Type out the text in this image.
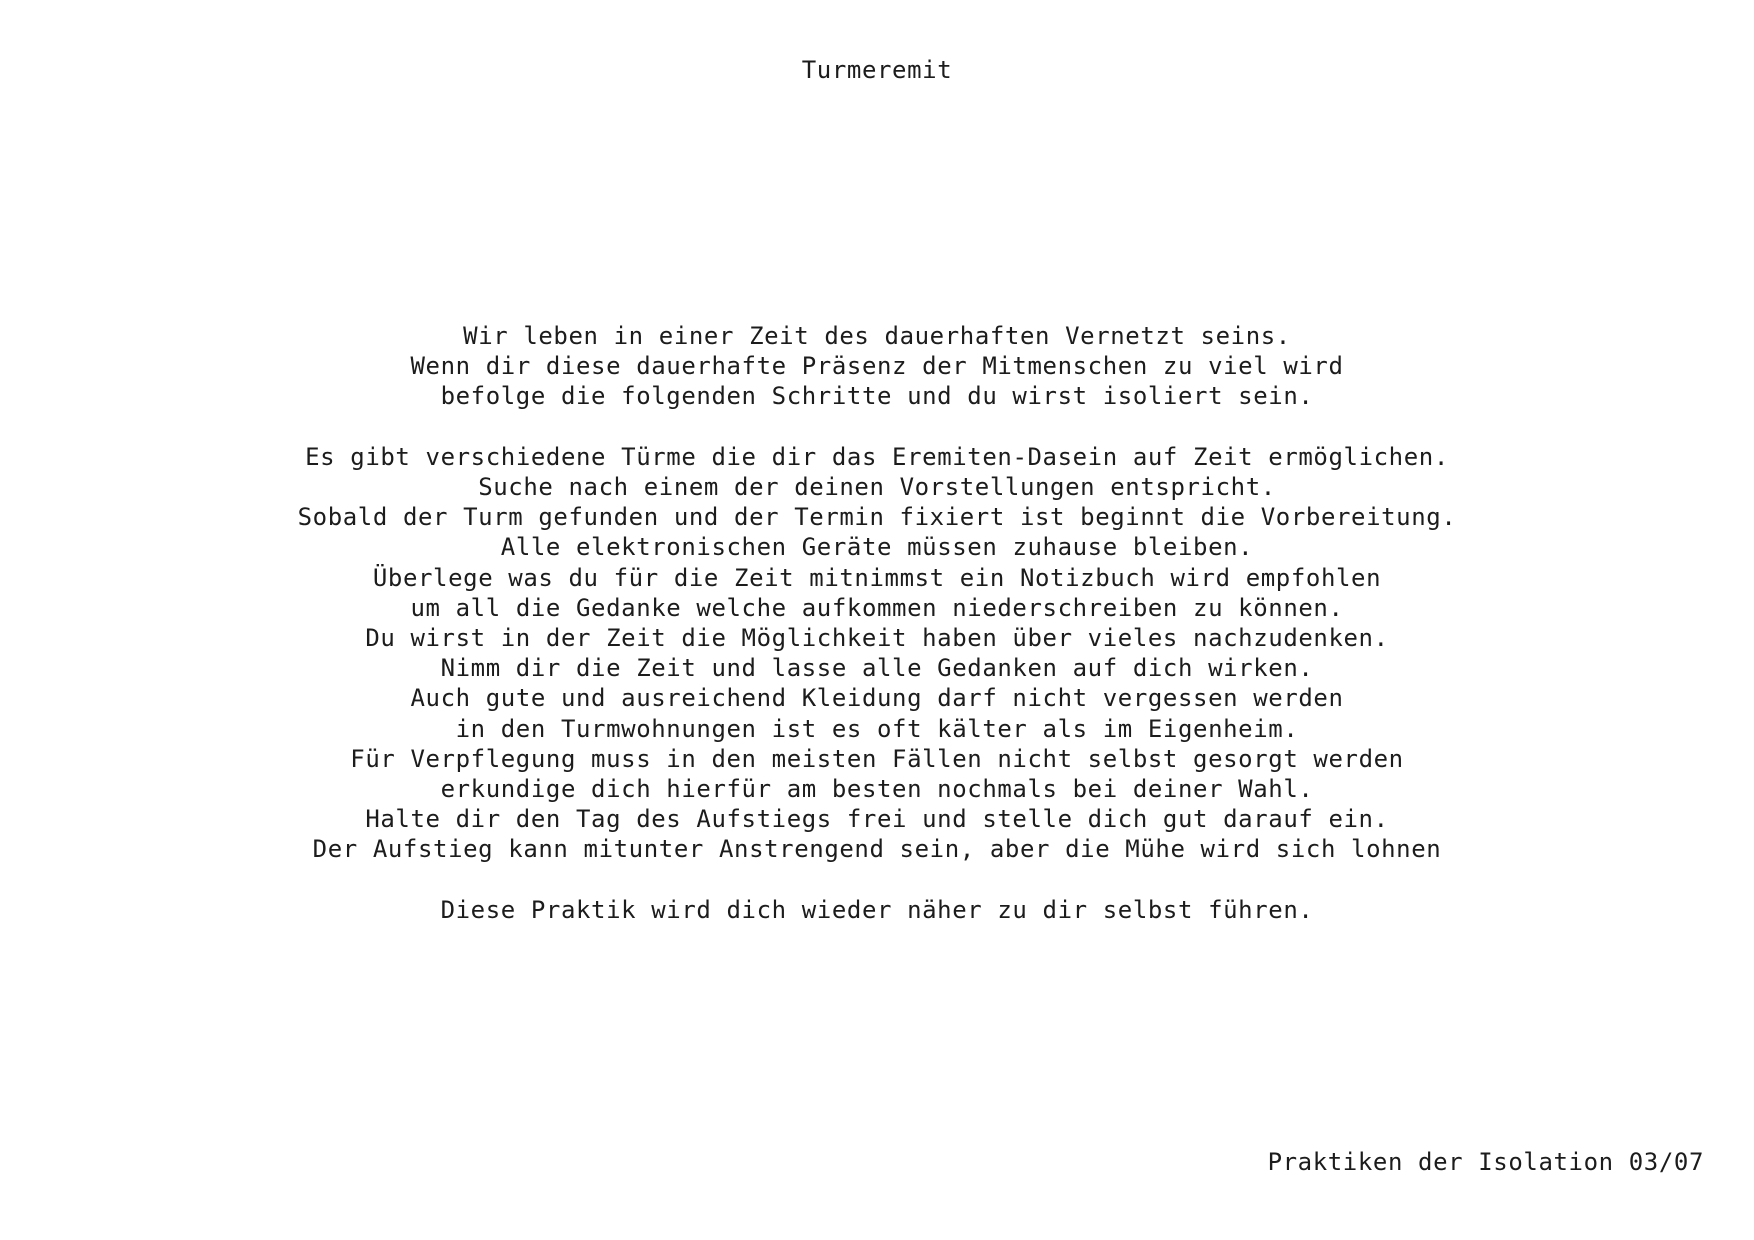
Turmeremit
Wir leben in einer Zeit des dauerhaften Vernetzt seins.
Wenn dir diese dauerhafte Präsenz der Mitmenschen zu viel wird
befolge die folgenden Schritte und du wirst isoliert sein.
Es gibt verschiedene Türme die dir das Eremiten-Dasein auf Zeit ermöglichen.
Suche nach einem der deinen Vorstellungen entspricht.
Sobald der Turm gefunden und der Termin fixiert ist beginnt die Vorbereitung.
Alle elektronischen Geräte müssen zuhause bleiben.
Überlege was du für die Zeit mitnimmst ein Notizbuch wird empfohlen
um all die Gedanke welche aufkommen niederschreiben zu können.
Du wirst in der Zeit die Möglichkeit haben über vieles nachzudenken.
Nimm dir die Zeit und lasse alle Gedanken auf dich wirken.
Auch gute und ausreichend Kleidung darf nicht vergessen werden
in den Turmwohnungen ist es oft kälter als im Eigenheim.
Für Verpflegung muss in den meisten Fällen nicht selbst gesorgt werden
erkundige dich hierfür am besten nochmals bei deiner Wahl.
Halte dir den Tag des Aufstiegs frei und stelle dich gut darauf ein.
Der Aufstieg kann mitunter Anstrengend sein, aber die Mühe wird sich lohnen
Diese Praktik wird dich wieder näher zu dir selbst führen.
Praktiken der Isolation 03/07
